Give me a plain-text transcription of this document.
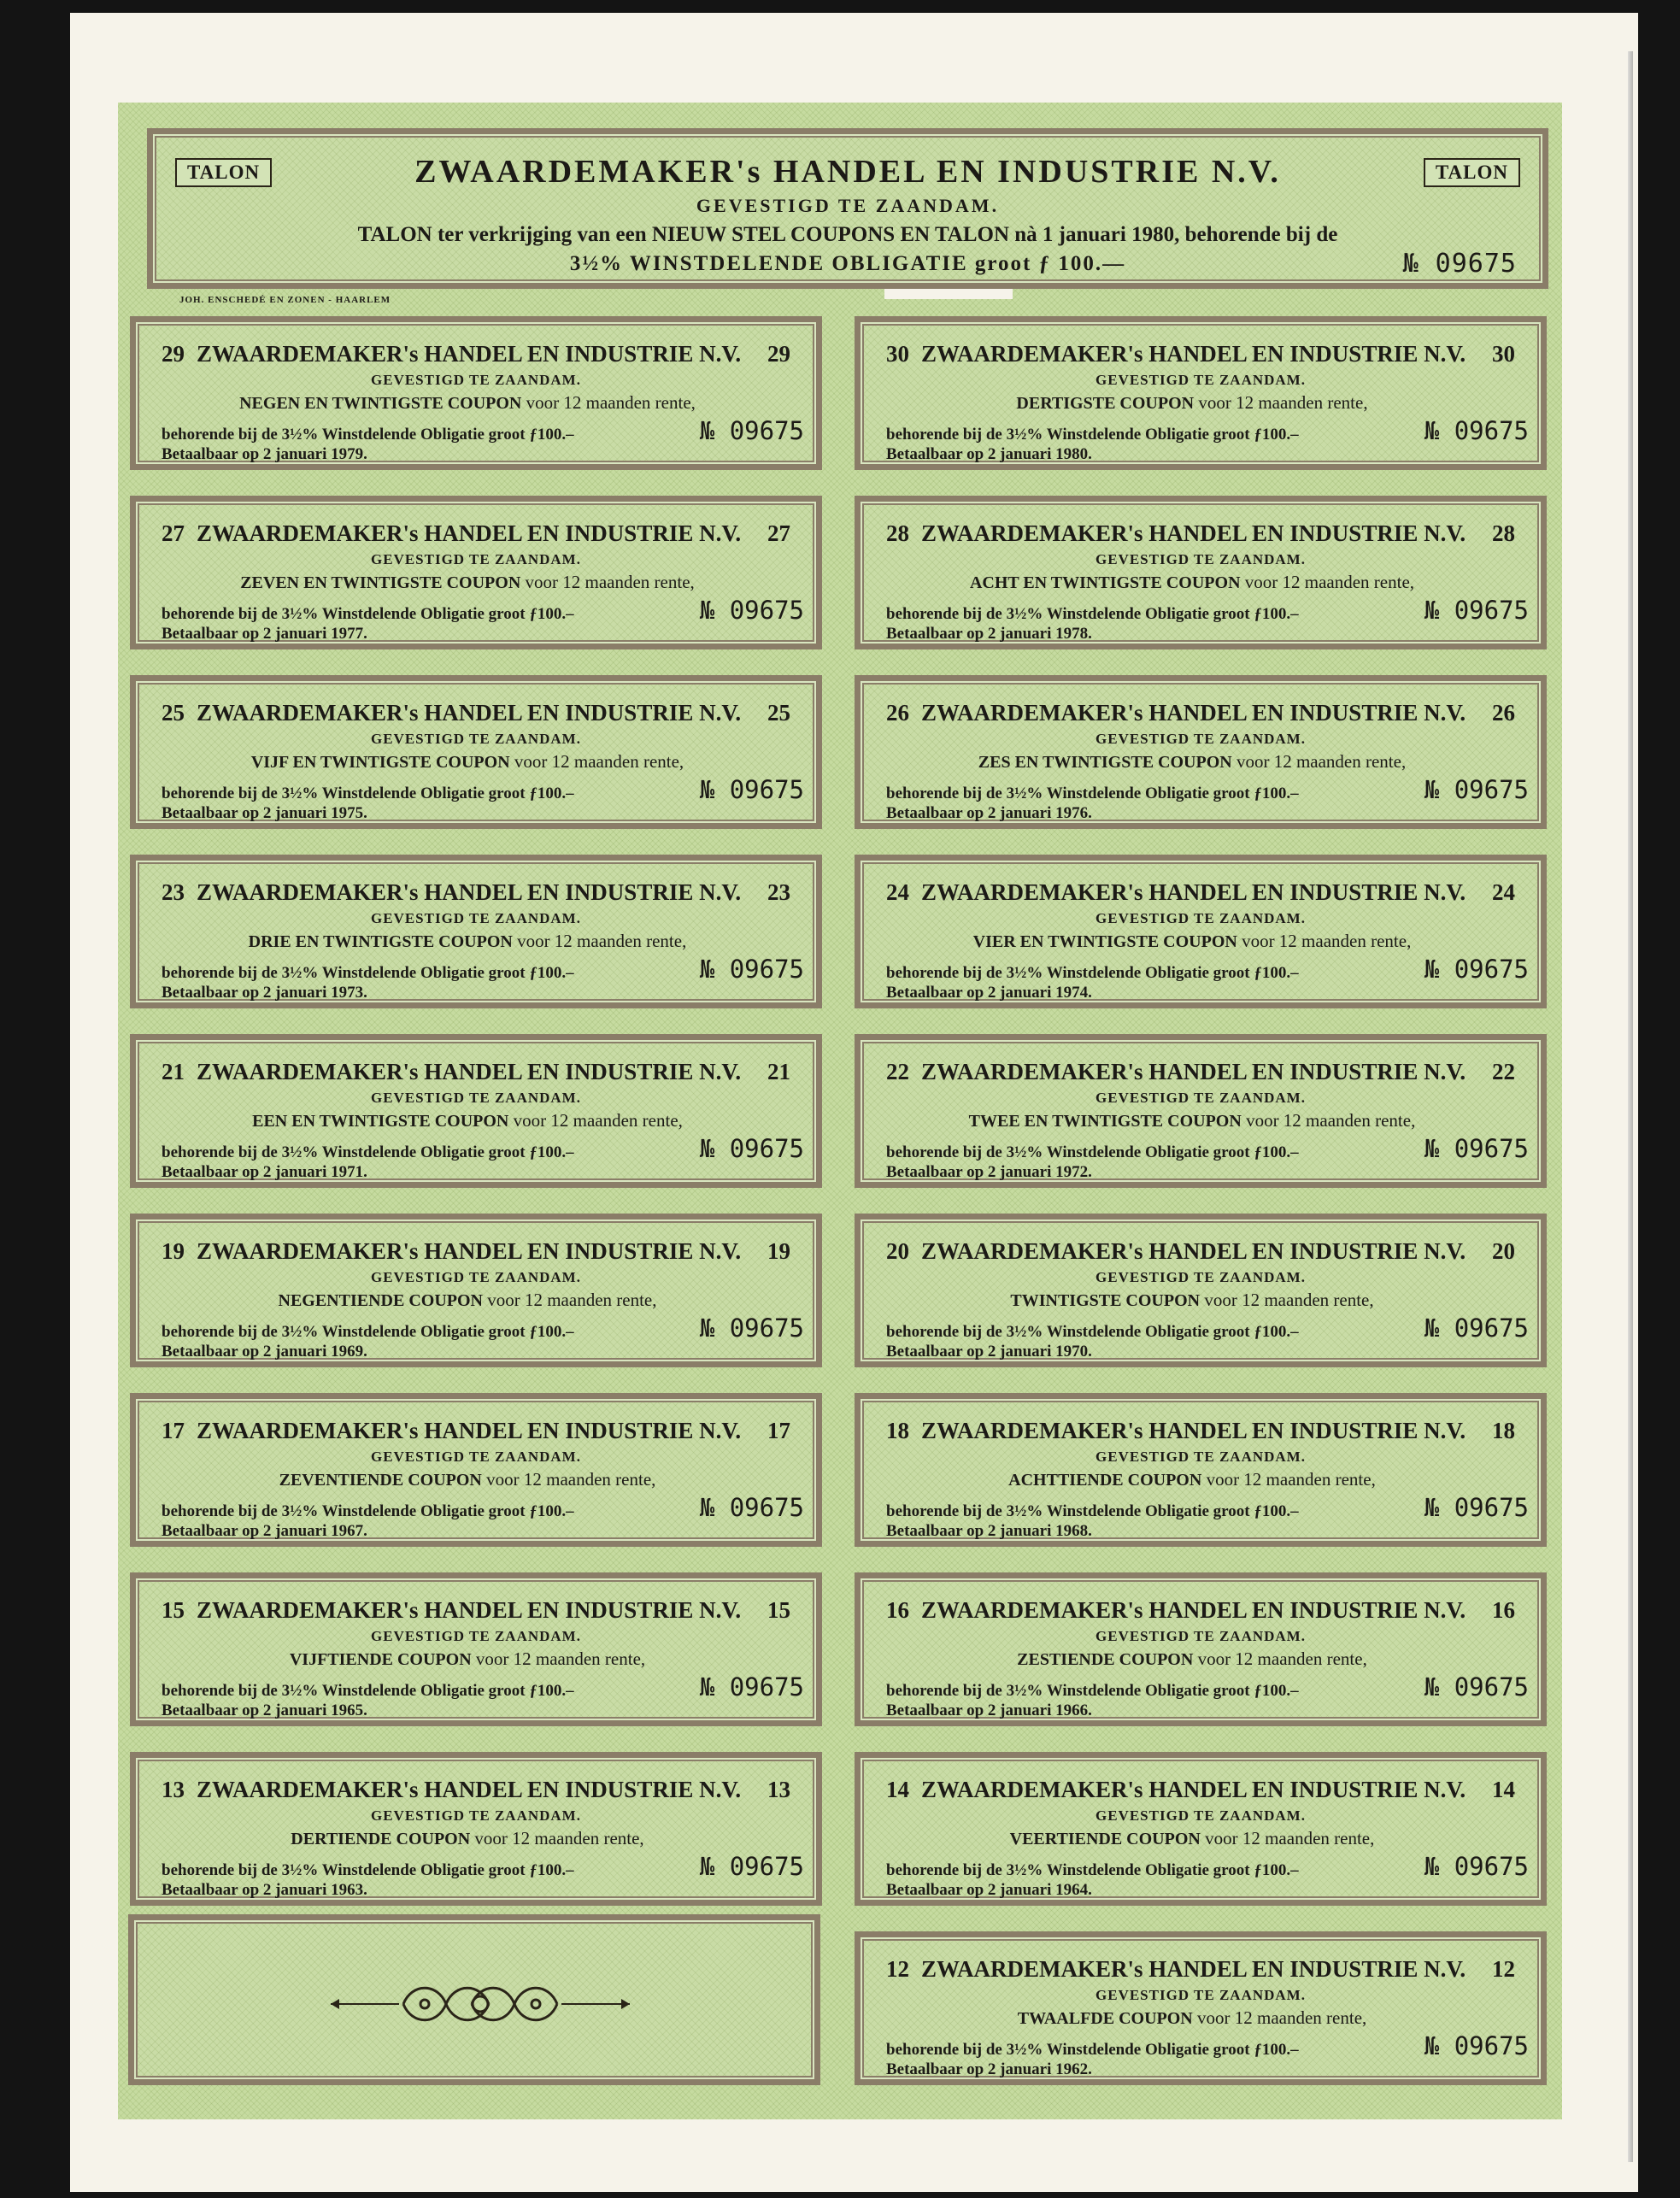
TALON	TALON
ZWAARDEMAKER's HANDEL EN INDUSTRIE N.V.
GEVESTIGD TE ZAANDAM.
TALON ter verkrijging van een NIEUW STEL COUPONS EN TALON nà 1 januari 1980, behorende bij de
3½% WINSTDELENDE OBLIGATIE groot ƒ 100.—	№ 09675
JOH. ENSCHEDÉ EN ZONEN - HAARLEM
29 ZWAARDEMAKER's HANDEL EN INDUSTRIE N.V.	29
GEVESTIGD TE ZAANDAM.
NEGEN EN TWINTIGSTE COUPON voor 12 maanden rente,
behorende bij de 3½% Winstdelende Obligatie groot ƒ100.–	№ 09675
Betaalbaar op 2 januari 1979.
30 ZWAARDEMAKER's HANDEL EN INDUSTRIE N.V.	30
GEVESTIGD TE ZAANDAM.
DERTIGSTE COUPON voor 12 maanden rente,
behorende bij de 3½% Winstdelende Obligatie groot ƒ100.–	№ 09675
Betaalbaar op 2 januari 1980.
27 ZWAARDEMAKER's HANDEL EN INDUSTRIE N.V.	27
GEVESTIGD TE ZAANDAM.
ZEVEN EN TWINTIGSTE COUPON voor 12 maanden rente,
behorende bij de 3½% Winstdelende Obligatie groot ƒ100.–	№ 09675
Betaalbaar op 2 januari 1977.
28 ZWAARDEMAKER's HANDEL EN INDUSTRIE N.V.	28
GEVESTIGD TE ZAANDAM.
ACHT EN TWINTIGSTE COUPON voor 12 maanden rente,
behorende bij de 3½% Winstdelende Obligatie groot ƒ100.–	№ 09675
Betaalbaar op 2 januari 1978.
25 ZWAARDEMAKER's HANDEL EN INDUSTRIE N.V.	25
GEVESTIGD TE ZAANDAM.
VIJF EN TWINTIGSTE COUPON voor 12 maanden rente,
behorende bij de 3½% Winstdelende Obligatie groot ƒ100.–	№ 09675
Betaalbaar op 2 januari 1975.
26 ZWAARDEMAKER's HANDEL EN INDUSTRIE N.V.	26
GEVESTIGD TE ZAANDAM.
ZES EN TWINTIGSTE COUPON voor 12 maanden rente,
behorende bij de 3½% Winstdelende Obligatie groot ƒ100.–	№ 09675
Betaalbaar op 2 januari 1976.
23 ZWAARDEMAKER's HANDEL EN INDUSTRIE N.V.	23
GEVESTIGD TE ZAANDAM.
DRIE EN TWINTIGSTE COUPON voor 12 maanden rente,
behorende bij de 3½% Winstdelende Obligatie groot ƒ100.–	№ 09675
Betaalbaar op 2 januari 1973.
24 ZWAARDEMAKER's HANDEL EN INDUSTRIE N.V.	24
GEVESTIGD TE ZAANDAM.
VIER EN TWINTIGSTE COUPON voor 12 maanden rente,
behorende bij de 3½% Winstdelende Obligatie groot ƒ100.–	№ 09675
Betaalbaar op 2 januari 1974.
21 ZWAARDEMAKER's HANDEL EN INDUSTRIE N.V.	21
GEVESTIGD TE ZAANDAM.
EEN EN TWINTIGSTE COUPON voor 12 maanden rente,
behorende bij de 3½% Winstdelende Obligatie groot ƒ100.–	№ 09675
Betaalbaar op 2 januari 1971.
22 ZWAARDEMAKER's HANDEL EN INDUSTRIE N.V.	22
GEVESTIGD TE ZAANDAM.
TWEE EN TWINTIGSTE COUPON voor 12 maanden rente,
behorende bij de 3½% Winstdelende Obligatie groot ƒ100.–	№ 09675
Betaalbaar op 2 januari 1972.
19 ZWAARDEMAKER's HANDEL EN INDUSTRIE N.V.	19
GEVESTIGD TE ZAANDAM.
NEGENTIENDE COUPON voor 12 maanden rente,
behorende bij de 3½% Winstdelende Obligatie groot ƒ100.–	№ 09675
Betaalbaar op 2 januari 1969.
20 ZWAARDEMAKER's HANDEL EN INDUSTRIE N.V.	20
GEVESTIGD TE ZAANDAM.
TWINTIGSTE COUPON voor 12 maanden rente,
behorende bij de 3½% Winstdelende Obligatie groot ƒ100.–	№ 09675
Betaalbaar op 2 januari 1970.
17 ZWAARDEMAKER's HANDEL EN INDUSTRIE N.V.	17
GEVESTIGD TE ZAANDAM.
ZEVENTIENDE COUPON voor 12 maanden rente,
behorende bij de 3½% Winstdelende Obligatie groot ƒ100.–	№ 09675
Betaalbaar op 2 januari 1967.
18 ZWAARDEMAKER's HANDEL EN INDUSTRIE N.V.	18
GEVESTIGD TE ZAANDAM.
ACHTTIENDE COUPON voor 12 maanden rente,
behorende bij de 3½% Winstdelende Obligatie groot ƒ100.–	№ 09675
Betaalbaar op 2 januari 1968.
15 ZWAARDEMAKER's HANDEL EN INDUSTRIE N.V.	15
GEVESTIGD TE ZAANDAM.
VIJFTIENDE COUPON voor 12 maanden rente,
behorende bij de 3½% Winstdelende Obligatie groot ƒ100.–	№ 09675
Betaalbaar op 2 januari 1965.
16 ZWAARDEMAKER's HANDEL EN INDUSTRIE N.V.	16
GEVESTIGD TE ZAANDAM.
ZESTIENDE COUPON voor 12 maanden rente,
behorende bij de 3½% Winstdelende Obligatie groot ƒ100.–	№ 09675
Betaalbaar op 2 januari 1966.
13 ZWAARDEMAKER's HANDEL EN INDUSTRIE N.V.	13
GEVESTIGD TE ZAANDAM.
DERTIENDE COUPON voor 12 maanden rente,
behorende bij de 3½% Winstdelende Obligatie groot ƒ100.–	№ 09675
Betaalbaar op 2 januari 1963.
14 ZWAARDEMAKER's HANDEL EN INDUSTRIE N.V.	14
GEVESTIGD TE ZAANDAM.
VEERTIENDE COUPON voor 12 maanden rente,
behorende bij de 3½% Winstdelende Obligatie groot ƒ100.–	№ 09675
Betaalbaar op 2 januari 1964.
12 ZWAARDEMAKER's HANDEL EN INDUSTRIE N.V.	12
GEVESTIGD TE ZAANDAM.
TWAALFDE COUPON voor 12 maanden rente,
behorende bij de 3½% Winstdelende Obligatie groot ƒ100.–	№ 09675
Betaalbaar op 2 januari 1962.
